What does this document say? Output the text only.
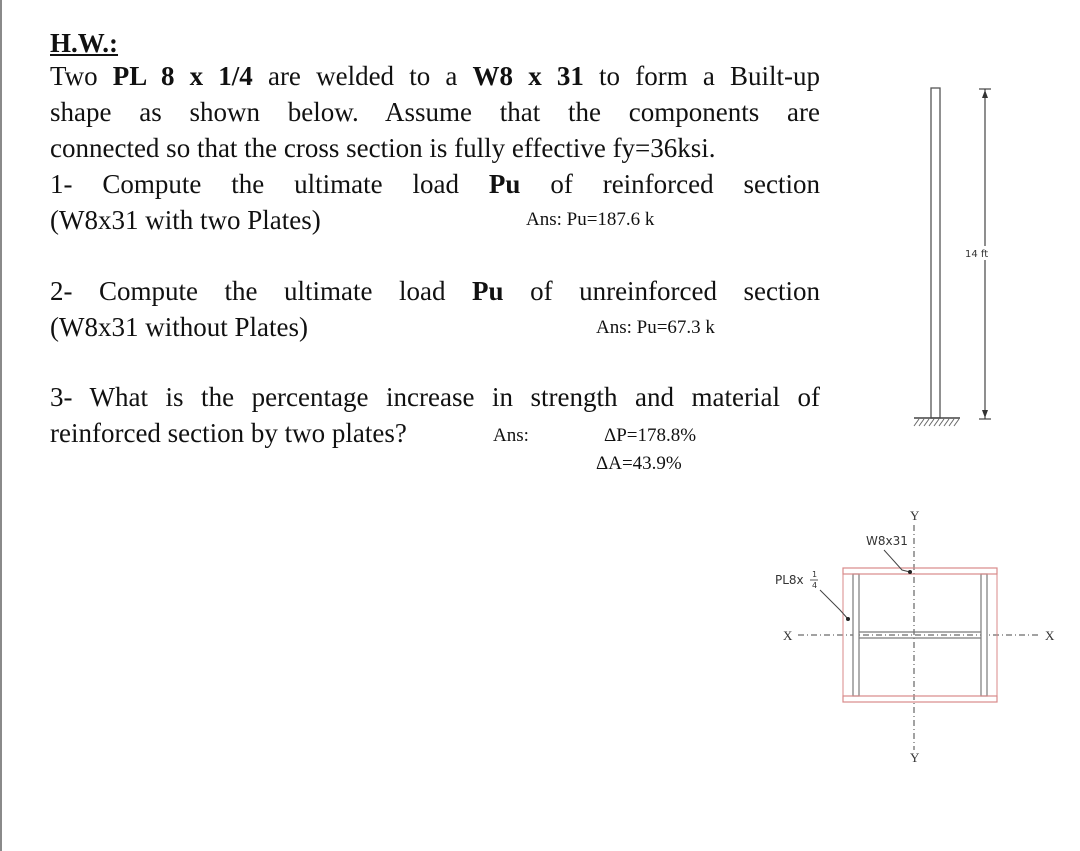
H.W.:
Two PL 8 x 1/4 are welded to a W8 x 31 to form a Built-up
shape as shown below. Assume that the components are
connected so that the cross section is fully effective fy=36ksi.
1- Compute the ultimate load Pu of reinforced section
(W8x31 with two Plates)	Ans: Pu=187.6 k
2- Compute the ultimate load Pu of unreinforced section
(W8x31 without Plates)	Ans: Pu=67.3 k
3- What is the percentage increase in strength and material of
reinforced section by two plates?	Ans:	ΔP=178.8%
ΔA=43.9%
14 ft
Y
Y
X	X
W8x31
PL8x 1
4
